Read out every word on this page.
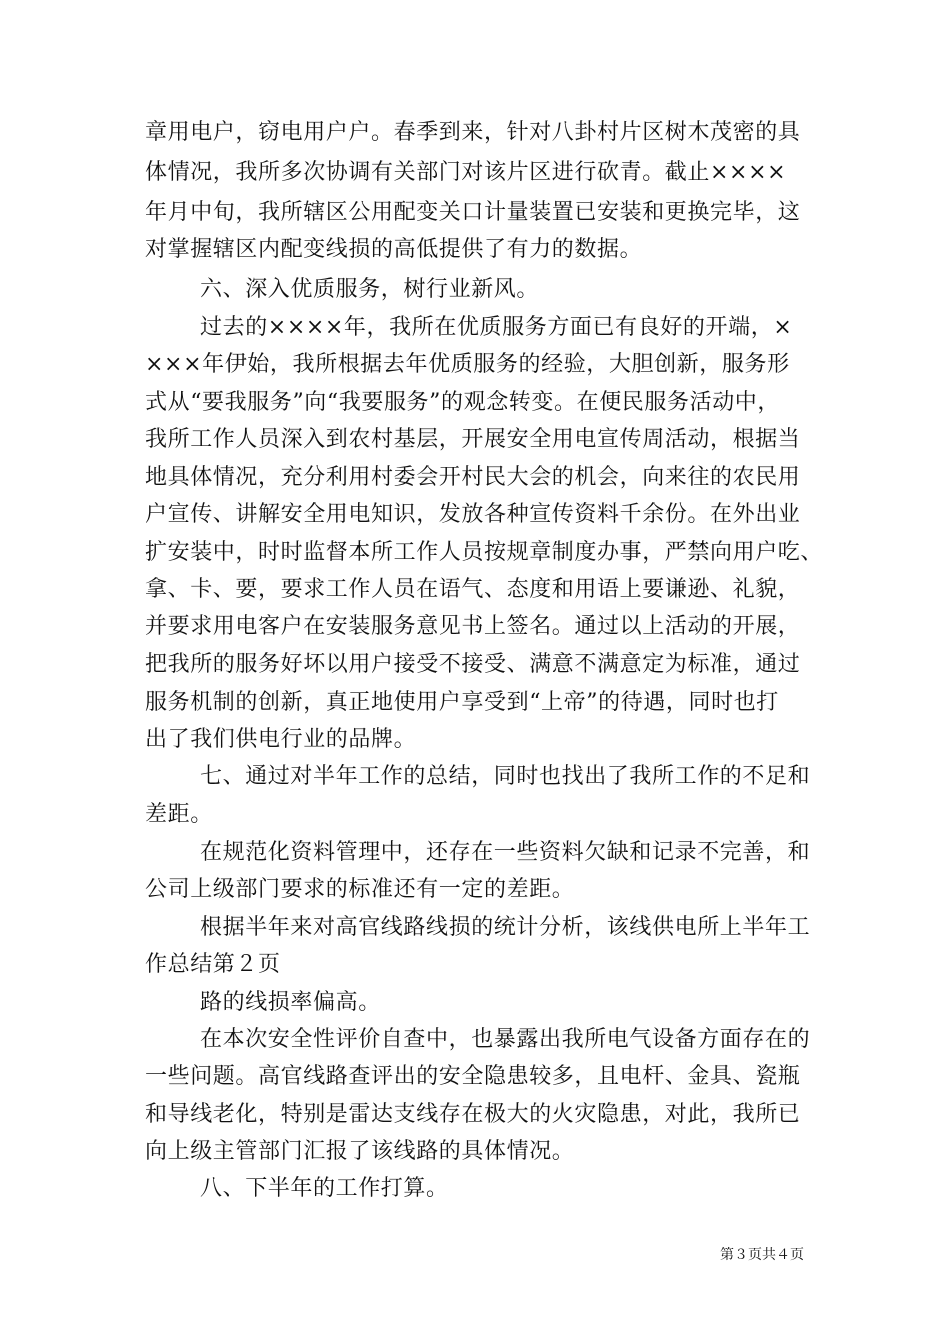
章用电户，窃电用户户。春季到来，针对八卦村片区树木茂密的具
体情况，我所多次协调有关部门对该片区进行砍青。截止××××
年月中旬，我所辖区公用配变关口计量装置已安装和更换完毕，这
对掌握辖区内配变线损的高低提供了有力的数据。
六、深入优质服务，树行业新风。
过去的××××年，我所在优质服务方面已有良好的开端，×
×××年伊始，我所根据去年优质服务的经验，大胆创新，服务形
式从“要我服务”向“我要服务”的观念转变。在便民服务活动中，
我所工作人员深入到农村基层，开展安全用电宣传周活动，根据当
地具体情况，充分利用村委会开村民大会的机会，向来往的农民用
户宣传、讲解安全用电知识，发放各种宣传资料千余份。在外出业
扩安装中，时时监督本所工作人员按规章制度办事，严禁向用户吃、
拿、卡、要，要求工作人员在语气、态度和用语上要谦逊、礼貌，
并要求用电客户在安装服务意见书上签名。通过以上活动的开展，
把我所的服务好坏以用户接受不接受、满意不满意定为标准，通过
服务机制的创新，真正地使用户享受到“上帝”的待遇，同时也打
出了我们供电行业的品牌。
七、通过对半年工作的总结，同时也找出了我所工作的不足和
差距。
在规范化资料管理中，还存在一些资料欠缺和记录不完善，和
公司上级部门要求的标准还有一定的差距。
根据半年来对高官线路线损的统计分析，该线供电所上半年工
作总结第２页
路的线损率偏高。
在本次安全性评价自查中，也暴露出我所电气设备方面存在的
一些问题。高官线路查评出的安全隐患较多，且电杆、金具、瓷瓶
和导线老化，特别是雷达支线存在极大的火灾隐患，对此，我所已
向上级主管部门汇报了该线路的具体情况。
八、下半年的工作打算。
第３页共４页
